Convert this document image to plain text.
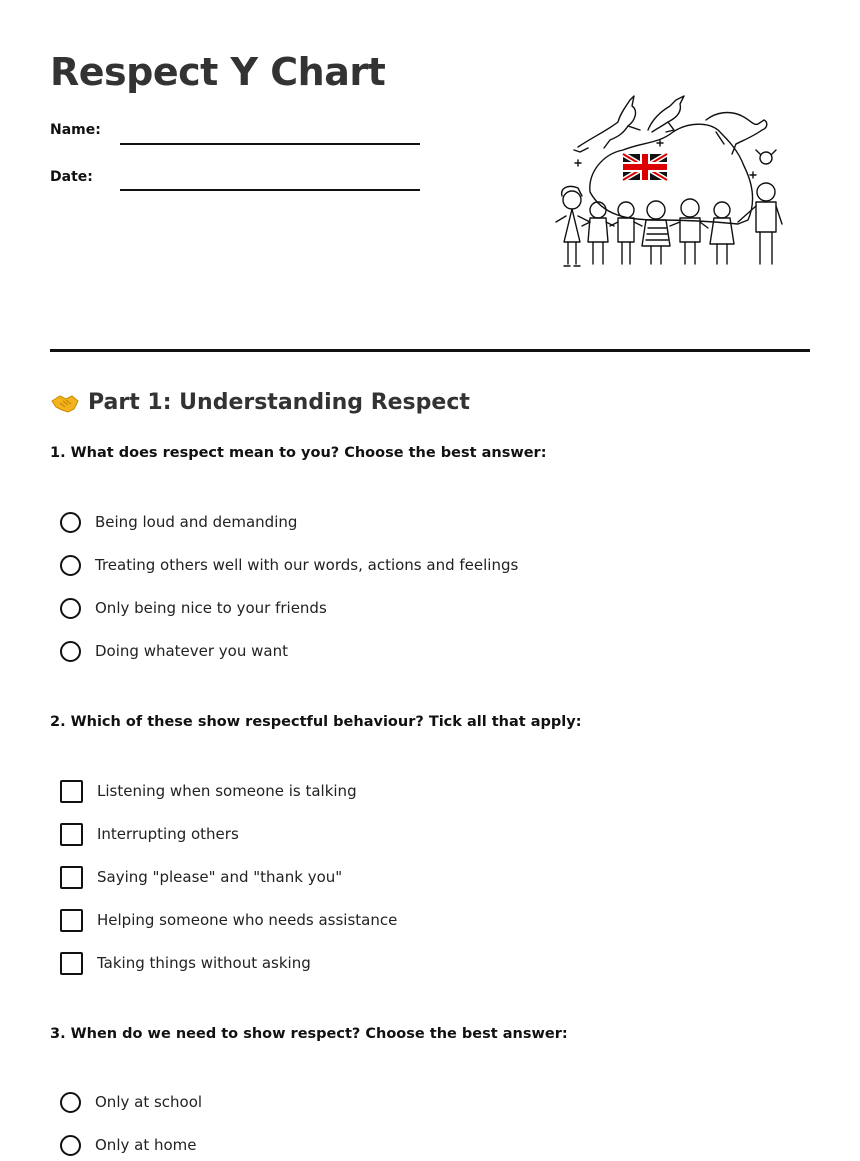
Respect Y Chart
Name:
Date:
Part 1: Understanding Respect
1. What does respect mean to you? Choose the best answer:
Being loud and demanding
Treating others well with our words, actions and feelings
Only being nice to your friends
Doing whatever you want
2. Which of these show respectful behaviour? Tick all that apply:
Listening when someone is talking
Interrupting others
Saying "please" and "thank you"
Helping someone who needs assistance
Taking things without asking
3. When do we need to show respect? Choose the best answer:
Only at school
Only at home
